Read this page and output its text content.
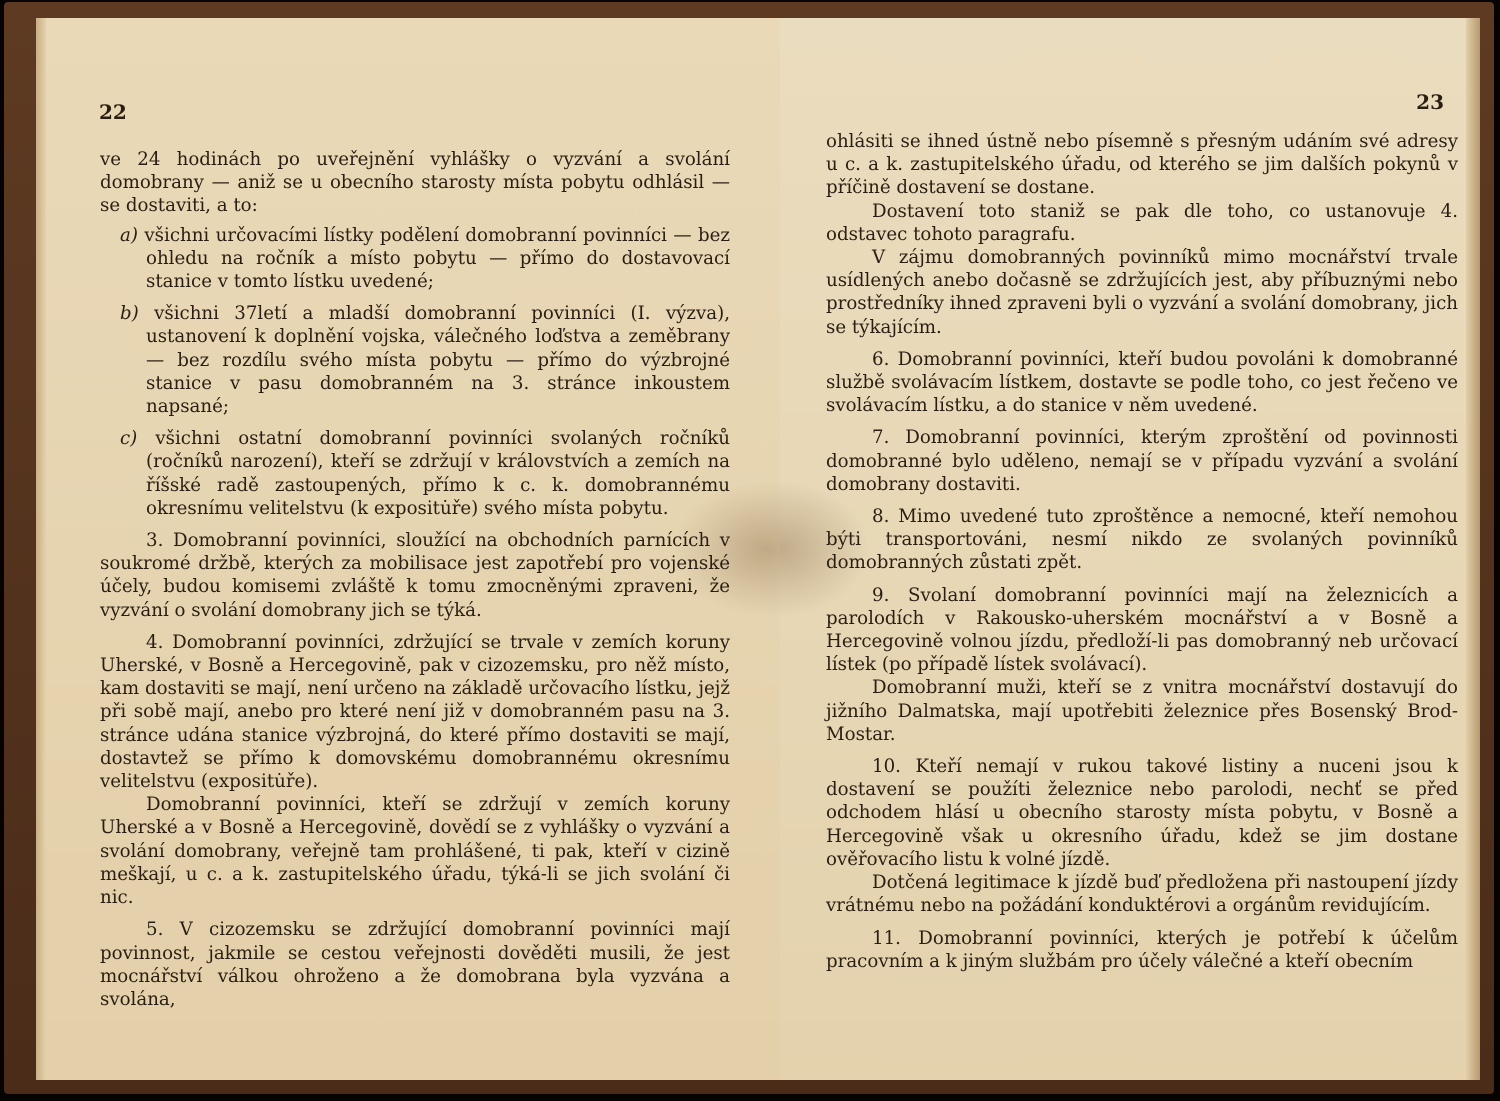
22

ve 24 hodinách po uveřejnění vyhlášky o vyzvání a svolání domobrany — aniž se u obecního starosty místa pobytu odhlásil — se dostaviti, a to:

a) všichni určovacími lístky podělení domobranní povinníci — bez ohledu na ročník a místo pobytu — přímo do dostavovací stanice v tomto lístku uvedené;

b) všichni 37letí a mladší domobranní povinníci (I. výzva), ustanovení k doplnění vojska, válečného loďstva a zeměbrany — bez rozdílu svého místa pobytu — přímo do výzbrojné stanice v pasu domobranném na 3. stránce inkoustem napsané;

c) všichni ostatní domobranní povinníci svolaných ročníků (ročníků narození), kteří se zdržují v královstvích a zemích na říšské radě zastoupených, přímo k c. k. domobrannému okresnímu velitelstvu (k expositu̇ře) svého místa pobytu.

3. Domobranní povinníci, sloužící na obchodních parnících v soukromé držbě, kterých za mobilisace jest zapotřebí pro vojenské účely, budou komisemi zvláště k tomu zmocněnými zpraveni, že vyzvání o svolání domobrany jich se týká.

4. Domobranní povinníci, zdržující se trvale v zemích koruny Uherské, v Bosně a Hercegovině, pak v cizozemsku, pro něž místo, kam dostaviti se mají, není určeno na základě určovacího lístku, jejž při sobě mají, anebo pro které není již v domobranném pasu na 3. stránce udána stanice výzbrojná, do které přímo dostaviti se mají, dostavtež se přímo k domovskému domobrannému okresnímu velitelstvu (expositu̇ře).

Domobranní povinníci, kteří se zdržují v zemích koruny Uherské a v Bosně a Hercegovině, dovědí se z vyhlášky o vyzvání a svolání domobrany, veřejně tam prohlášené, ti pak, kteří v cizině meškají, u c. a k. zastupitelského úřadu, týká-li se jich svolání či nic.

5. V cizozemsku se zdržující domobranní povinníci mají povinnost, jakmile se cestou veřejnosti dověděti musili, že jest mocnářství válkou ohroženo a že domobrana byla vyzvána a svolána,

23

ohlásiti se ihned ústně nebo písemně s přesným udáním své adresy u c. a k. zastupitelského úřadu, od kterého se jim dalších pokynů v příčině dostavení se dostane.

Dostavení toto staniž se pak dle toho, co ustanovuje 4. odstavec tohoto paragrafu.

V zájmu domobranných povinníků mimo mocnářství trvale usídlených anebo dočasně se zdržujících jest, aby příbuznými nebo prostředníky ihned zpraveni byli o vyzvání a svolání domobrany, jich se týkajícím.

6. Domobranní povinníci, kteří budou povoláni k domobranné službě svolávacím lístkem, dostavte se podle toho, co jest řečeno ve svolávacím lístku, a do stanice v něm uvedené.

7. Domobranní povinníci, kterým zproštění od povinnosti domobranné bylo uděleno, nemají se v případu vyzvání a svolání domobrany dostaviti.

8. Mimo uvedené tuto zproštěnce a nemocné, kteří nemohou býti transportováni, nesmí nikdo ze svolaných povinníků domobranných zůstati zpět.

9. Svolaní domobranní povinníci mají na železnicích a parolodích v Rakousko-uherském mocnářství a v Bosně a Hercegovině volnou jízdu, předloží-li pas domobranný neb určovací lístek (po případě lístek svolávací).

Domobranní muži, kteří se z vnitra mocnářství dostavují do jižního Dalmatska, mají upotřebiti železnice přes Bosenský Brod-Mostar.

10. Kteří nemají v rukou takové listiny a nuceni jsou k dostavení se použíti železnice nebo parolodi, nechť se před odchodem hlásí u obecního starosty místa pobytu, v Bosně a Hercegovině však u okresního úřadu, kdež se jim dostane ověřovacího listu k volné jízdě.

Dotčená legitimace k jízdě buď předložena při nastoupení jízdy vrátnému nebo na požádání konduktérovi a orgánům revidujícím.

11. Domobranní povinníci, kterých je potřebí k účelům pracovním a k jiným službám pro účely válečné a kteří obecním
